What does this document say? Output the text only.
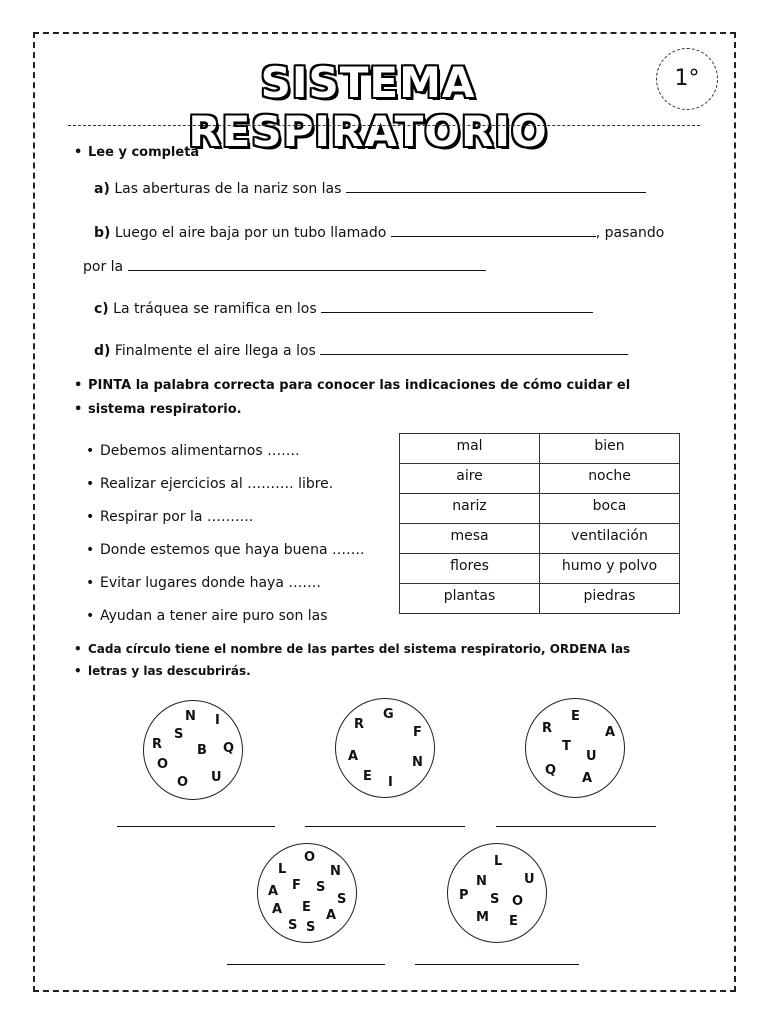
SISTEMA RESPIRATORIO
1°
• Lee y completa
a) Las aberturas de la nariz son las
b) Luego el aire baja por un tubo llamado	, pasando
por la
c) La tráquea se ramifica en los
d) Finalmente el aire llega a los
• PINTA la palabra correcta para conocer las indicaciones de cómo cuidar el
• sistema respiratorio.
• Debemos alimentarnos …….
• Realizar ejercicios al ………. libre.
• Respirar por la ……….
• Donde estemos que haya buena …….
• Evitar lugares donde haya …….
• Ayudan a tener aire puro son las
mal	bien
aire	noche
nariz	boca
mesa	ventilación
flores	humo y polvo
plantas	piedras
• Cada círculo tiene el nombre de las partes del sistema respiratorio, ORDENA las
• letras y las descubrirás.
N I
R
S
B Q
O
O U
R
G
F
A	N
E I
R
E
A
T
U
Q
A
O
L	N
A F S
S
A E
S S
A
L
N	U
P S O
M E
